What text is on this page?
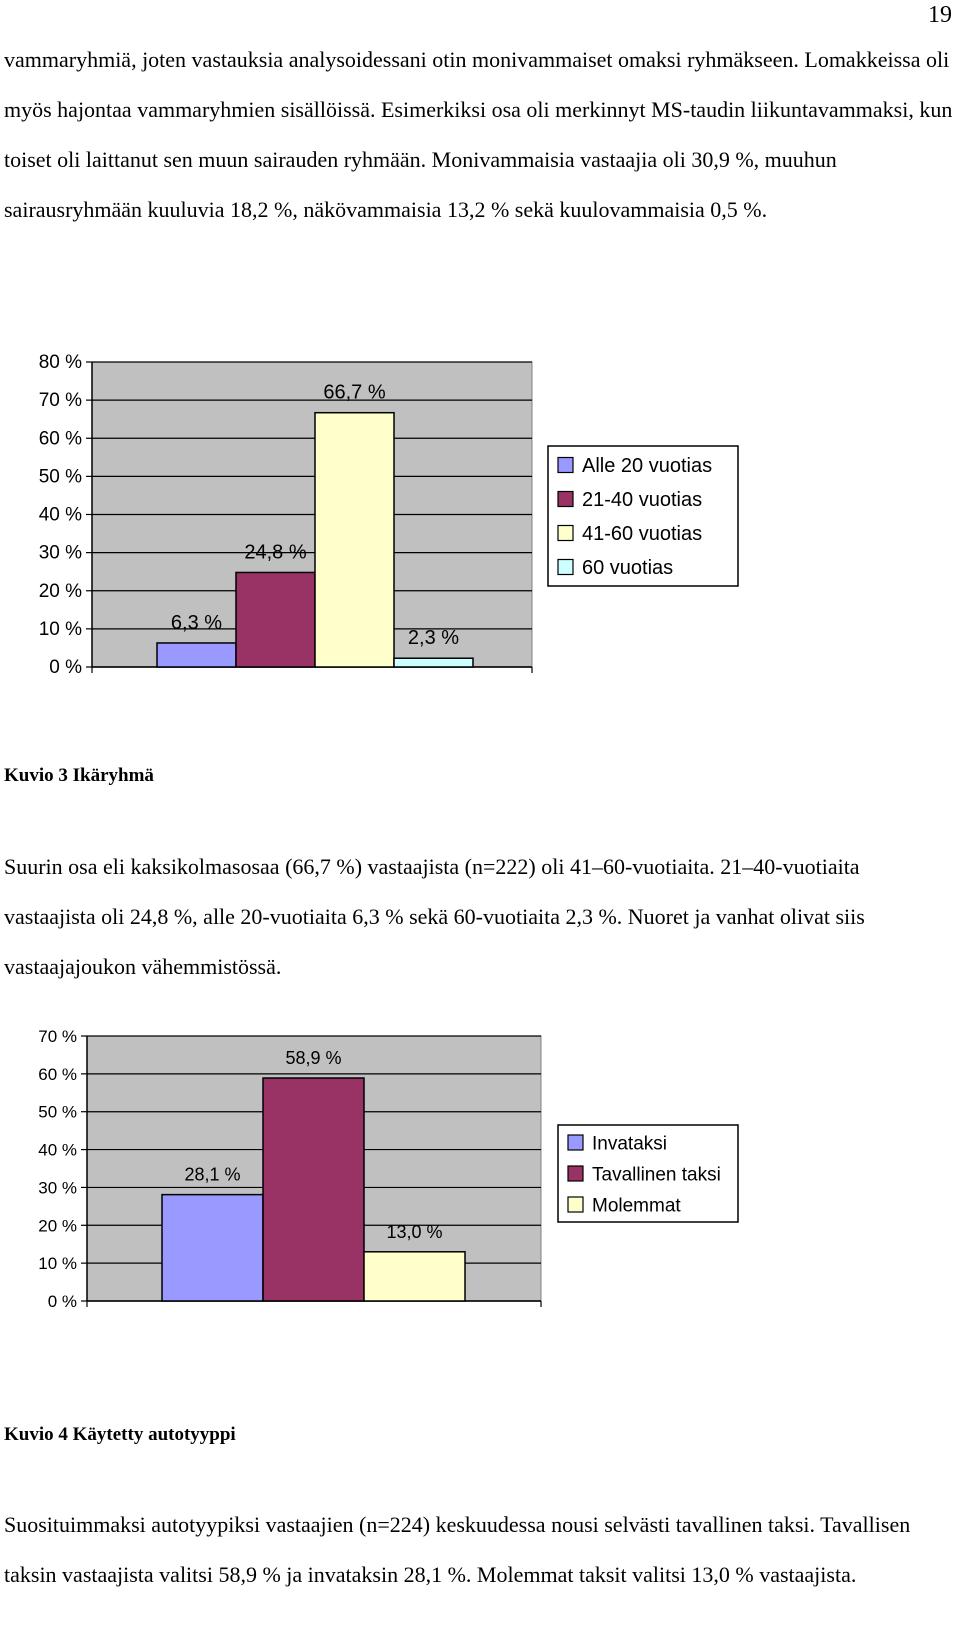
19

vammaryhmiä, joten vastauksia analysoidessani otin monivammaiset omaksi ryhmäkseen. Lomakkeissa oli myös hajontaa vammaryhmien sisällöissä. Esimerkiksi osa oli merkinnyt MS-taudin liikuntavammaksi, kun toiset oli laittanut sen muun sairauden ryhmään. Monivammaisia vastaajia oli 30,9 %, muuhun sairausryhmään kuuluvia 18,2 %, näkövammaisia 13,2 % sekä kuulovammaisia 0,5 %.

0 %
10 %
20 %
30 %
40 %
50 %
60 %
70 %
80 %
6,3 %
24,8 %
66,7 %
2,3 %
Alle 20 vuotias
21-40 vuotias
41-60 vuotias
60 vuotias
Kuvio 3 Ikäryhmä

Suurin osa eli kaksikolmasosaa (66,7 %) vastaajista (n=222) oli 41–60-vuotiaita. 21–40-vuotiaita vastaajista oli 24,8 %, alle 20-vuotiaita 6,3 % sekä 60-vuotiaita 2,3 %. Nuoret ja vanhat olivat siis vastaajajoukon vähemmistössä.

0 %
10 %
20 %
30 %
40 %
50 %
60 %
70 %
28,1 %
58,9 %
13,0 %
Invataksi
Tavallinen taksi
Molemmat
Kuvio 4 Käytetty autotyyppi

Suosituimmaksi autotyypiksi vastaajien (n=224) keskuudessa nousi selvästi tavallinen taksi. Tavallisen taksin vastaajista valitsi 58,9 % ja invataksin 28,1 %. Molemmat taksit valitsi 13,0 % vastaajista.
